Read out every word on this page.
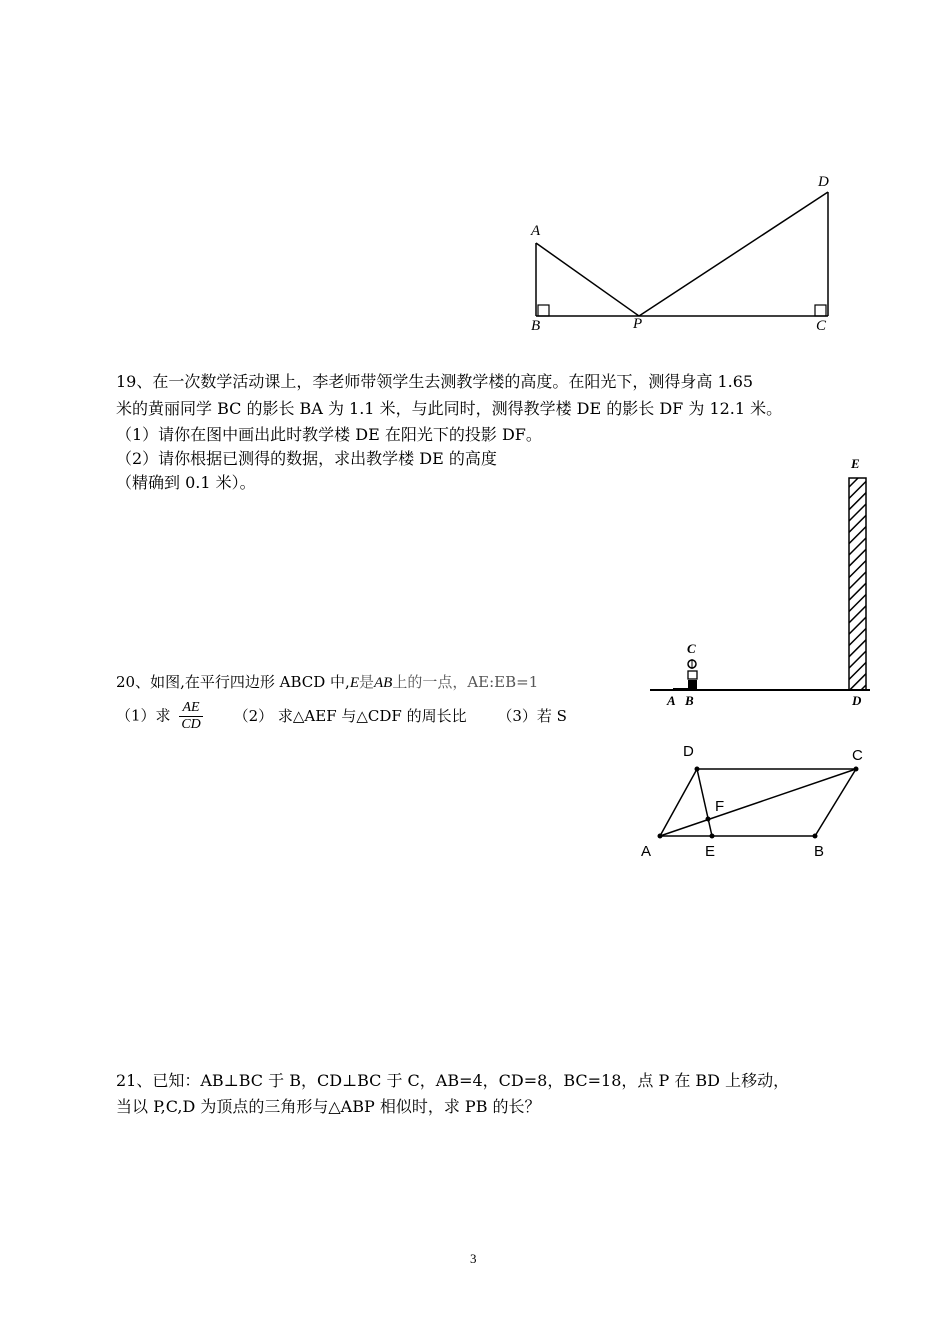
A
B	P	C
D
19、在一次数学活动课上，李老师带领学生去测教学楼的高度。在阳光下，测得身高 1.65
米的黄丽同学 BC 的影长 BA 为 1.1 米，与此同时，测得教学楼 DE 的影长 DF 为 12.1 米。
（1）请你在图中画出此时教学楼 DE 在阳光下的投影 DF。
（2）请你根据已测得的数据，求出教学楼 DE 的高度
（精确到 0.1 米）。
E
C
A B	D
20、如图,在平行四边形 ABCD 中,E是AB上的一点，AE:EB=1
（1）求 $\frac{AE}{CD} (2)$ 求△AEF 与△CDF 的周长比 （3）若 S
D	C
F
A	E	B
21、已知：AB⊥BC 于 B，CD⊥BC 于 C，AB=4，CD=8，BC=18，点 P 在 BD 上移动，
当以 P,C,D 为顶点的三角形与△ABP 相似时，求 PB 的长？
3
